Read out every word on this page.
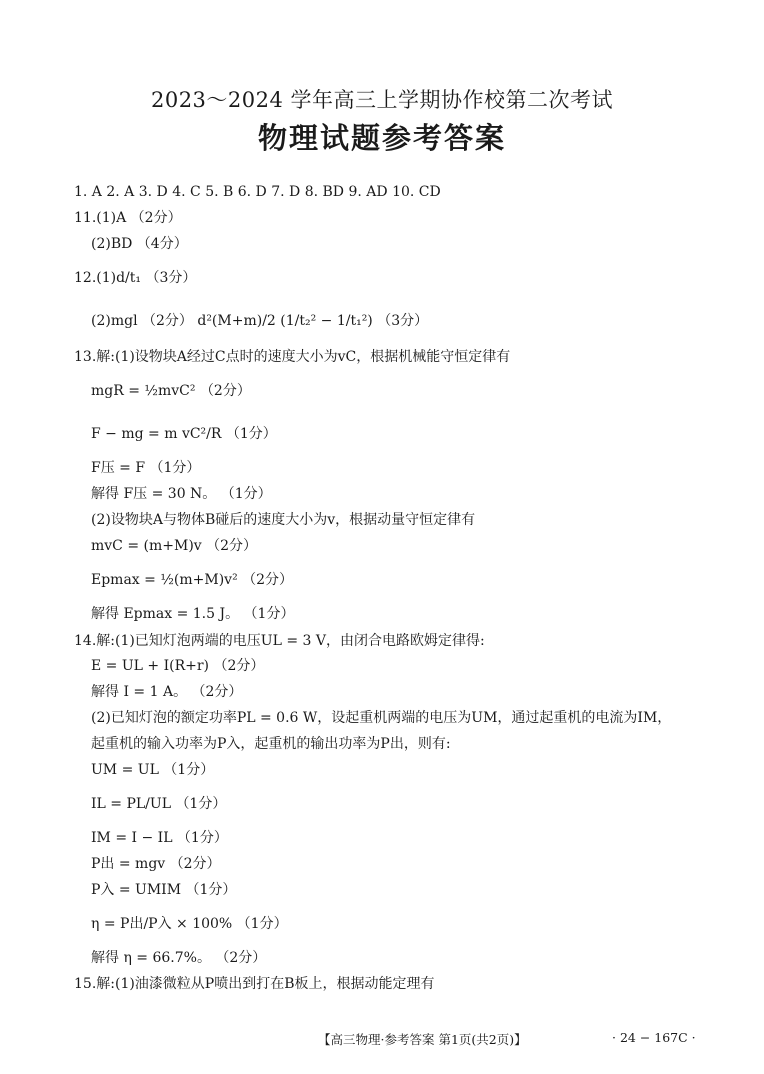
2023～2024 学年高三上学期协作校第二次考试
物理试题参考答案
1. A 2. A 3. D 4. C 5. B 6. D 7. D 8. BD 9. AD 10. CD
11.(1)A （2分）
(2)BD （4分）
12.(1)d/t₁ （3分）
(2)mgl （2分） d²(M+m)/2 (1/t₂² − 1/t₁²) （3分）
13.解:(1)设物块A经过C点时的速度大小为vC，根据机械能守恒定律有
mgR = ½mvC² （2分）
F − mg = m vC²/R （1分）
F压 = F （1分）
解得 F压 = 30 N。 （1分）
(2)设物块A与物体B碰后的速度大小为v，根据动量守恒定律有
mvC = (m+M)v （2分）
Epmax = ½(m+M)v² （2分）
解得 Epmax = 1.5 J。 （1分）
14.解:(1)已知灯泡两端的电压UL = 3 V，由闭合电路欧姆定律得:
E = UL + I(R+r) （2分）
解得 I = 1 A。 （2分）
(2)已知灯泡的额定功率PL = 0.6 W，设起重机两端的电压为UM，通过起重机的电流为IM，
起重机的输入功率为P入，起重机的输出功率为P出，则有:
UM = UL （1分）
IL = PL/UL （1分）
IM = I − IL （1分）
P出 = mgv （2分）
P入 = UMIM （1分）
η = P出/P入 × 100% （1分）
解得 η = 66.7%。 （2分）
15.解:(1)油漆微粒从P喷出到打在B板上，根据动能定理有
【高三物理·参考答案 第1页(共2页)】	· 24 − 167C ·
